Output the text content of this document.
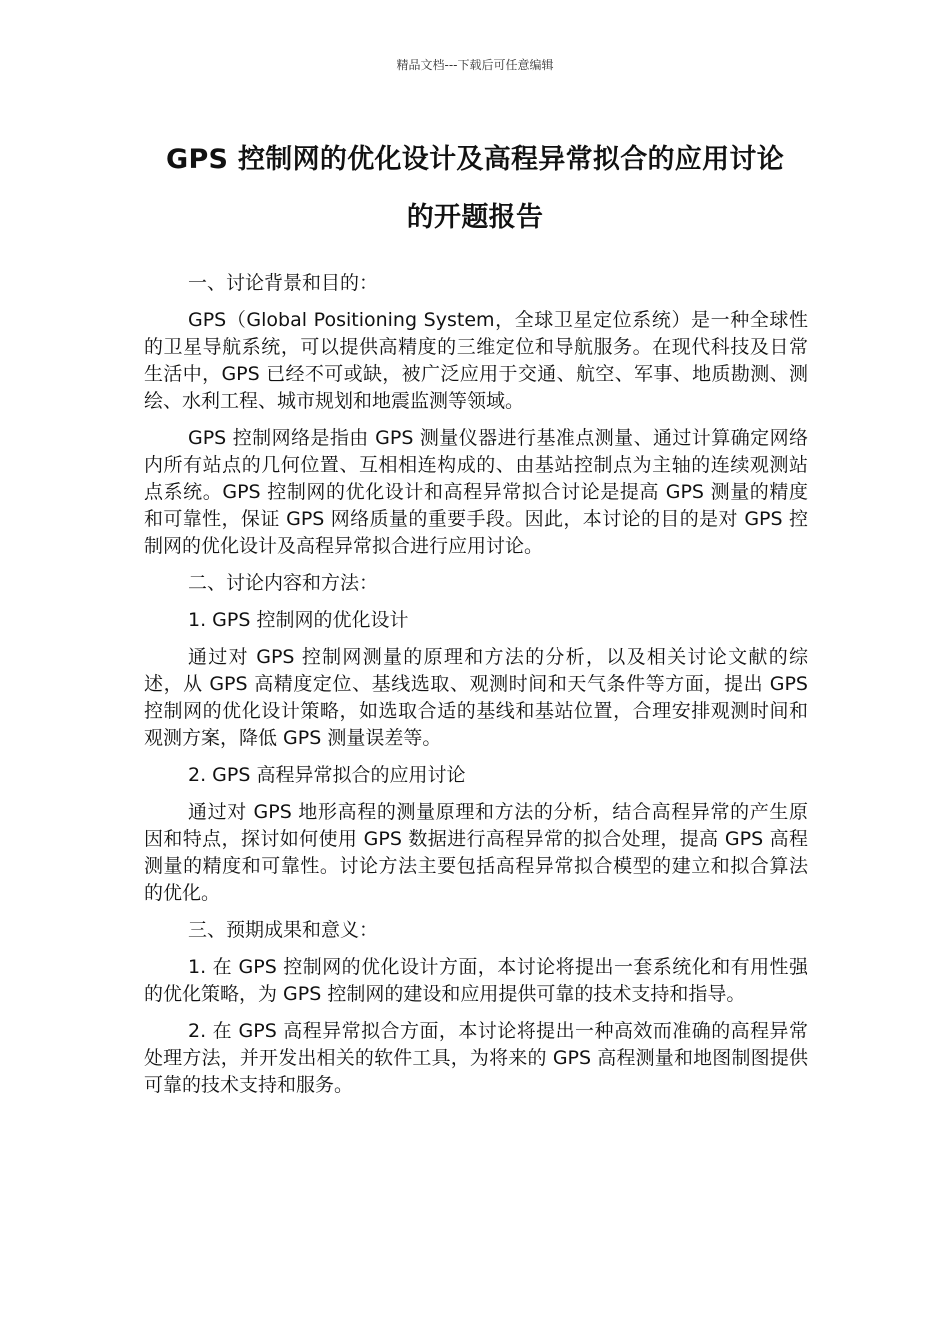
精品文档---下载后可任意编辑
GPS 控制网的优化设计及高程异常拟合的应用讨论
的开题报告

一、讨论背景和目的：

GPS（Global Positioning System，全球卫星定位系统）是一种全球性的卫星导航系统，可以提供高精度的三维定位和导航服务。在现代科技及日常生活中，GPS 已经不可或缺，被广泛应用于交通、航空、军事、地质勘测、测绘、水利工程、城市规划和地震监测等领域。

GPS 控制网络是指由 GPS 测量仪器进行基准点测量、通过计算确定网络内所有站点的几何位置、互相相连构成的、由基站控制点为主轴的连续观测站点系统。GPS 控制网的优化设计和高程异常拟合讨论是提高 GPS 测量的精度和可靠性，保证 GPS 网络质量的重要手段。因此，本讨论的目的是对 GPS 控制网的优化设计及高程异常拟合进行应用讨论。

二、讨论内容和方法：

1. GPS 控制网的优化设计

通过对 GPS 控制网测量的原理和方法的分析，以及相关讨论文献的综述，从 GPS 高精度定位、基线选取、观测时间和天气条件等方面，提出 GPS 控制网的优化设计策略，如选取合适的基线和基站位置，合理安排观测时间和观测方案，降低 GPS 测量误差等。

2. GPS 高程异常拟合的应用讨论

通过对 GPS 地形高程的测量原理和方法的分析，结合高程异常的产生原因和特点，探讨如何使用 GPS 数据进行高程异常的拟合处理，提高 GPS 高程测量的精度和可靠性。讨论方法主要包括高程异常拟合模型的建立和拟合算法的优化。

三、预期成果和意义：

1. 在 GPS 控制网的优化设计方面，本讨论将提出一套系统化和有用性强的优化策略，为 GPS 控制网的建设和应用提供可靠的技术支持和指导。

2. 在 GPS 高程异常拟合方面，本讨论将提出一种高效而准确的高程异常处理方法，并开发出相关的软件工具，为将来的 GPS 高程测量和地图制图提供可靠的技术支持和服务。
